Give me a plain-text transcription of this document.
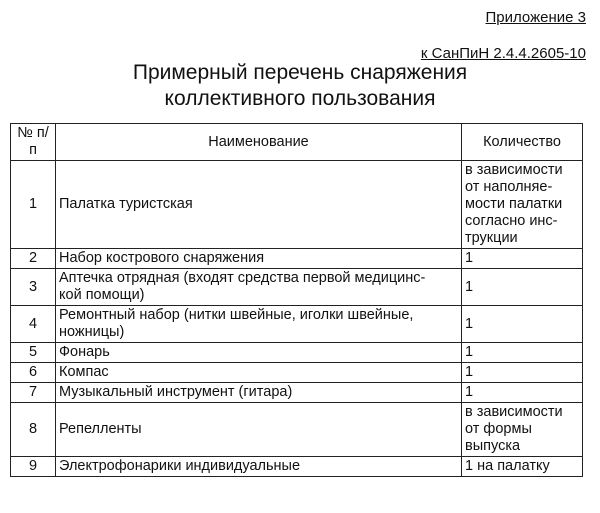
Приложение 3
к СанПиН 2.4.4.2605-10
Примерный перечень снаряжения
коллективного пользования
№ п/п	Наименование	Количество
1	Палатка туристская	в зависимости
от наполняе-
мости палатки
согласно инс-
трукции

2	Набор кострового снаряжения	1

3	Аптечка отрядная (входят средства первой медицинс-
кой помощи)	1

4	Ремонтный набор (нитки швейные, иголки швейные,
ножницы)	1

5	Фонарь	1

6	Компас	1

7	Музыкальный инструмент (гитара)	1

8	Репелленты	в зависимости
от формы
выпуска

9	Электрофонарики индивидуальные	1 на палатку
